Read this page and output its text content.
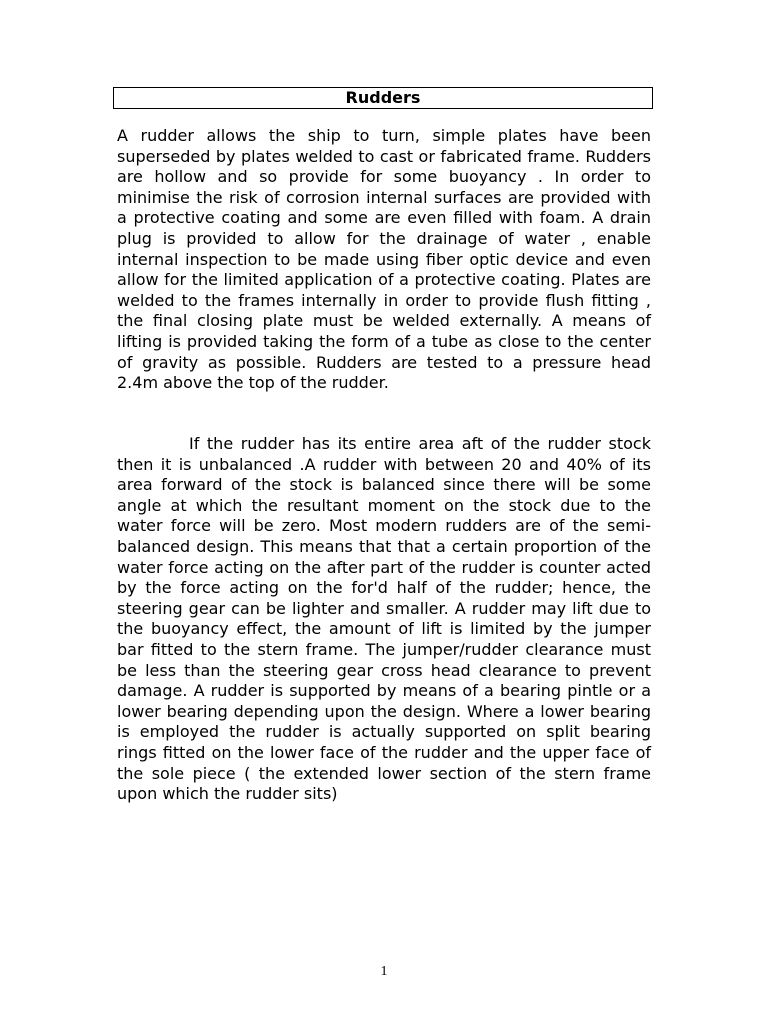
Rudders

A rudder allows the ship to turn, simple plates have been superseded by plates welded to cast or fabricated frame. Rudders are hollow and so provide for some buoyancy . In order to minimise the risk of corrosion internal surfaces are provided with a protective coating and some are even filled with foam. A drain plug is provided to allow for the drainage of water , enable internal inspection to be made using fiber optic device and even allow for the limited application of a protective coating. Plates are welded to the frames internally in order to provide flush fitting , the final closing plate must be welded externally. A means of lifting is provided taking the form of a tube as close to the center of gravity as possible. Rudders are tested to a pressure head 2.4m above the top of the rudder.

If the rudder has its entire area aft of the rudder stock then it is unbalanced .A rudder with between 20 and 40% of its area forward of the stock is balanced since there will be some angle at which the resultant moment on the stock due to the water force will be zero. Most modern rudders are of the semi-balanced design. This means that that a certain proportion of the water force acting on the after part of the rudder is counter acted by the force acting on the for'd half of the rudder; hence, the steering gear can be lighter and smaller. A rudder may lift due to the buoyancy effect, the amount of lift is limited by the jumper bar fitted to the stern frame. The jumper/rudder clearance must be less than the steering gear cross head clearance to prevent damage. A rudder is supported by means of a bearing pintle or a lower bearing depending upon the design. Where a lower bearing is employed the rudder is actually supported on split bearing rings fitted on the lower face of the rudder and the upper face of the sole piece ( the extended lower section of the stern frame upon which the rudder sits)

1
